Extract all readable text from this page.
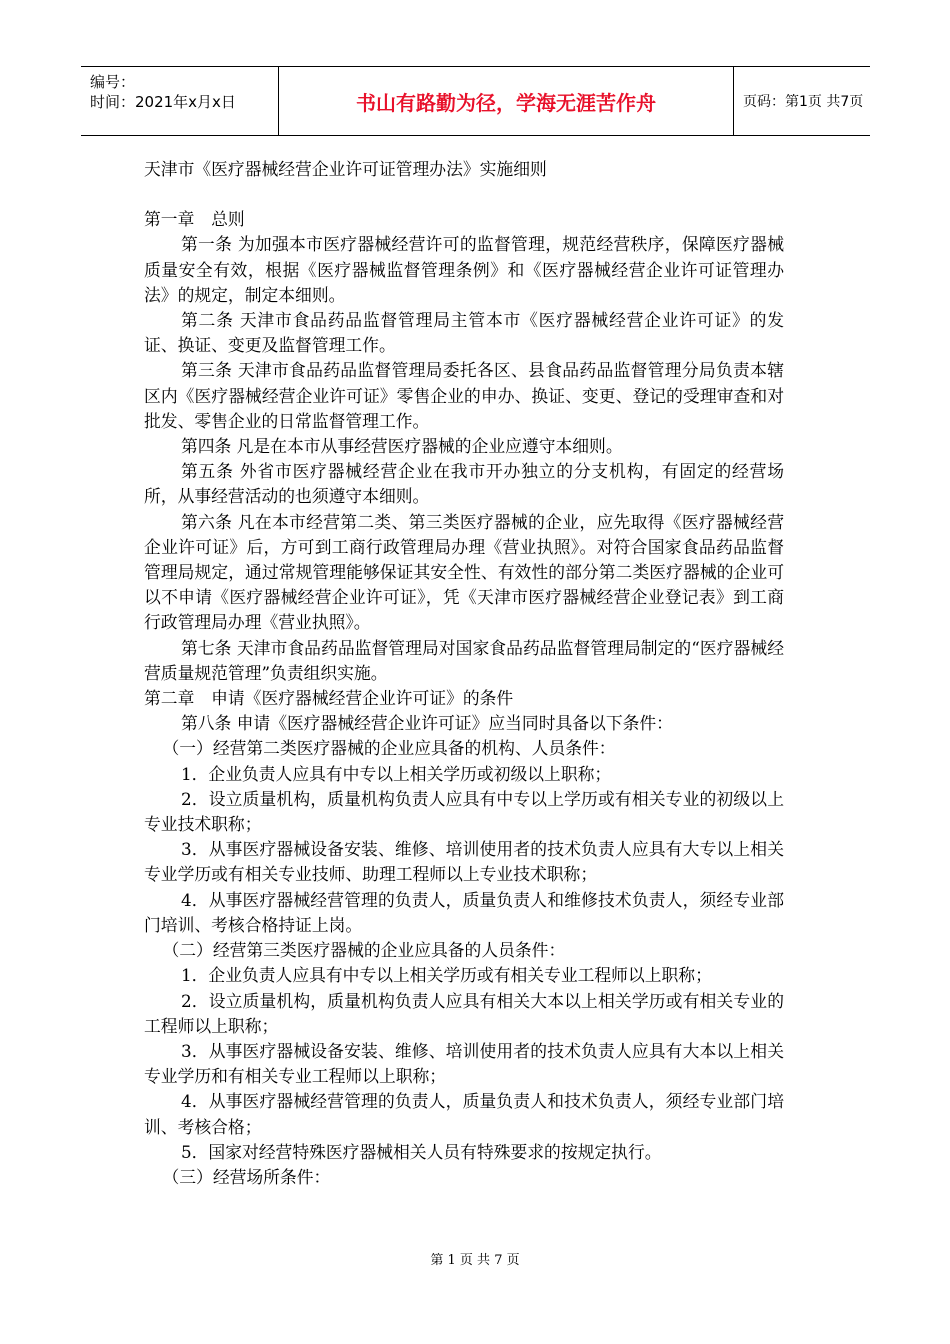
编号：
时间：2021年x月x日	书山有路勤为径，学海无涯苦作舟	页码：第1页 共7页

天津市《医疗器械经营企业许可证管理办法》实施细则

第一章　总则

第一条 为加强本市医疗器械经营许可的监督管理，规范经营秩序，保障医疗器械质量安全有效，根据《医疗器械监督管理条例》和《医疗器械经营企业许可证管理办法》的规定，制定本细则。

第二条 天津市食品药品监督管理局主管本市《医疗器械经营企业许可证》的发证、换证、变更及监督管理工作。

第三条 天津市食品药品监督管理局委托各区、县食品药品监督管理分局负责本辖区内《医疗器械经营企业许可证》零售企业的申办、换证、变更、登记的受理审查和对批发、零售企业的日常监督管理工作。

第四条 凡是在本市从事经营医疗器械的企业应遵守本细则。

第五条 外省市医疗器械经营企业在我市开办独立的分支机构，有固定的经营场所，从事经营活动的也须遵守本细则。

第六条 凡在本市经营第二类、第三类医疗器械的企业，应先取得《医疗器械经营企业许可证》后，方可到工商行政管理局办理《营业执照》。对符合国家食品药品监督管理局规定，通过常规管理能够保证其安全性、有效性的部分第二类医疗器械的企业可以不申请《医疗器械经营企业许可证》，凭《天津市医疗器械经营企业登记表》到工商行政管理局办理《营业执照》。

第七条 天津市食品药品监督管理局对国家食品药品监督管理局制定的“医疗器械经营质量规范管理”负责组织实施。

第二章　申请《医疗器械经营企业许可证》的条件

第八条 申请《医疗器械经营企业许可证》应当同时具备以下条件：

（一）经营第二类医疗器械的企业应具备的机构、人员条件：

1．企业负责人应具有中专以上相关学历或初级以上职称；

2．设立质量机构，质量机构负责人应具有中专以上学历或有相关专业的初级以上专业技术职称；

3．从事医疗器械设备安装、维修、培训使用者的技术负责人应具有大专以上相关专业学历或有相关专业技师、助理工程师以上专业技术职称；

4．从事医疗器械经营管理的负责人，质量负责人和维修技术负责人，须经专业部门培训、考核合格持证上岗。

（二）经营第三类医疗器械的企业应具备的人员条件：

1．企业负责人应具有中专以上相关学历或有相关专业工程师以上职称；

2．设立质量机构，质量机构负责人应具有相关大本以上相关学历或有相关专业的工程师以上职称；

3．从事医疗器械设备安装、维修、培训使用者的技术负责人应具有大本以上相关专业学历和有相关专业工程师以上职称；

4．从事医疗器械经营管理的负责人，质量负责人和技术负责人，须经专业部门培训、考核合格；

5．国家对经营特殊医疗器械相关人员有特殊要求的按规定执行。

（三）经营场所条件：

第 1 页 共 7 页
